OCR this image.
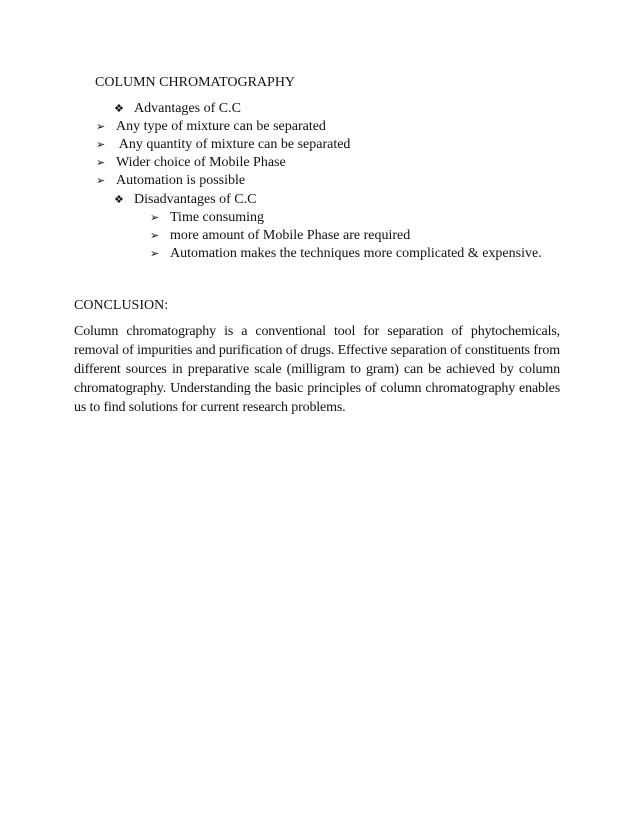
COLUMN CHROMATOGRAPHY
❖ Advantages of C.C
➢ Any type of mixture can be separated
➢ Any quantity of mixture can be separated
➢ Wider choice of Mobile Phase
➢ Automation is possible
❖ Disadvantages of C.C
➢ Time consuming
➢ more amount of Mobile Phase are required
➢ Automation makes the techniques more complicated & expensive.
CONCLUSION:
Column chromatography is a conventional tool for separation of phytochemicals, removal of impurities and purification of drugs. Effective separation of constituents from different sources in preparative scale (milligram to gram) can be achieved by column chromatography. Understanding the basic principles of column chromatography enables us to find solutions for current research problems.
